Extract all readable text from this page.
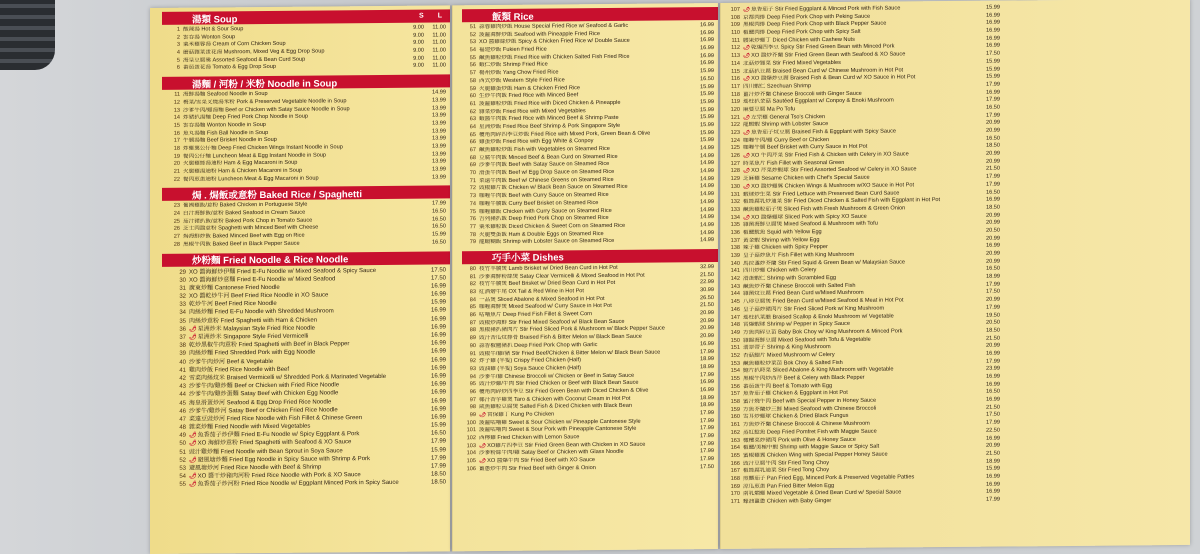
湯類 Soup	S L
1 酸辣湯 Hot & Sour Soup	9.00	11.00
2 雲吞湯 Wonton Soup	9.00	11.00
3 粟米雞蓉湯 Cream of Corn Chicken Soup	9.00	11.00
4 蘑菇雜菜蛋花湯 Mushroom, Mixed Veg & Egg Drop Soup	9.00	11.00
5 海皇豆腐羹 Assorted Seafood & Bean Curd Soup	9.00	11.00
6 番茄蛋花湯 Tomato & Egg Drop Soup	9.00	11.00
湯麵 / 河粉 / 米粉 Noodle in Soup
11 海鮮湯麵 Seafood Noodle in Soup	14.99
12 梅菜/雪菜叉燒湯米粉 Pork & Preserved Vegetable Noodle in Soup	13.99
13 沙爹牛肉/雞湯麵 Beef or Chicken with Satay Sauce Noodle in Soup	13.99
14 炸豬扒湯麵 Deep Fried Pork Chop Noodle in Soup	13.99
15 雲吞湯麵 Wonton Noodle in Soup	13.99
16 魚丸湯麵 Fish Ball Noodle in Soup	13.99
17 牛腩湯麵 Beef Brisket Noodle in Soup	13.99
18 炸雞翼公仔麵 Deep Fried Chicken Wings Instant Noodle in Soup	13.99
19 餐肉公仔麵 Luncheon Meat & Egg Instant Noodle in Soup	13.99
20 火腿雞絲湯通粉 Ham & Egg Macaroni in Soup	13.99
21 火腿雞湯通粉 Ham & Chicken Macaroni in Soup	13.99
22 餐肉煎蛋通粉 Luncheon Meat & Egg Macaroni in Soup	13.99
焗 . 焗飯或意粉 Baked Rice / Spaghetti
23 葡國雞飯/意粉 Baked Chicken in Portuguese Style	17.99
24 白汁海鮮飯/意粉 Baked Seafood in Cream Sauce	16.50
25 茄汁豬扒飯/意粉 Baked Pork Chop in Tomato Sauce	16.50
26 芝士肉醬意粉 Spaghetti with Minced Beef with Cheese	16.50
27 焗海鮮炒飯 Baked Minced Beef with Egg on Rice	15.99
28 黑椒牛肉飯 Baked Beef in Black Pepper Sauce	16.50
炒粉麵 Fried Noodle & Rice Noodle
29 XO 醬海鮮炒伊麵 Fried E-Fu Noodle w/ Mixed Seafood & Spicy Sauce	17.50
30 XO 醬海鮮炒意麵 Fried E-Fu Noodle w/ Mixed Seafood	17.50
31 廣東炒麵 Cantonese Fried Noodle	16.99
32 XO 醬乾炒牛河 Beef Fried Rice Noodle in XO Sauce	16.99
33 乾炒牛河 Beef Fried Rice Noodle	15.99
34 肉絲炒麵 Fried E-Fu Noodle with Shredded Mushroom	16.99
35 肉絲炒意粉 Fried Spaghetti with Ham & Chicken	16.99
36 🌶星洲炒米 Malaysian Style Fried Rice Noodle	16.99
37 🌶星洲炒米 Singapore Style Fried Vermicelli	16.99
38 乾炒黑椒牛肉意粉 Fried Spaghetti with Beef in Black Pepper	16.99
39 肉絲炒麵 Fried Shredded Pork with Egg Noodle	16.99
40 沙爹牛肉炒河 Beef & Vegetable	16.99
41 雞肉炒飯 Fried Rice Noodle with Beef	16.99
42 雪菜肉絲炆米 Braised Vermicelli w/ Shredded Pork & Marinated Vegetable	16.99
43 沙爹牛肉/雞炒麵 Beef or Chicken with Fried Rice Noodle	16.99
44 沙爹牛肉/雞炒蛋麵 Satay Beef with Chicken Egg Noodle	16.99
45 海皇滑蛋炒河 Seafood & Egg Drop Fried Rice Noodle	16.99
46 沙爹牛/雞炒河 Satay Beef or Chicken Fried Rice Noodle	16.99
47 菜遠豆豉炒河 Fried Rice Noodle with Fish Fillet & Chinese Green	16.99
48 雜菜炒麵 Fried Noodle with Mixed Vegetables	15.99
49 🌶魚香茄子炒伊麵 Fried E-Fu Noodle w/ Spicy Eggplant & Pork	16.50
50 🌶XO 海鮮炒意粉 Fried Spaghetti with Seafood & XO Sauce	17.99
51 豉汁雞炒麵 Fried Noodle with Bean Sprout in Soya Sauce	15.99
52 🌶避風塘炒麵 Fried Egg Noodle in Spicy Sauce with Shrimp & Pork	17.99
53 避風塘炒河 Fried Rice Noodle with Beef & Shrimp	17.99
54 🌶XO 醬干炒豬肉河粉 Fried Rice Noodle with Pork & XO Sauce	18.50
55 🌶魚香茄子炒河粉 Fried Rice Noodle w/ Eggplant Minced Pork in Spicy Sauce	18.50
飯類 Rice
51 蒜蓉雞肉炒飯 House Special Fried Rice w/ Seafood & Garlic	16.99
52 菠蘿海鮮炒飯 Seafood with Pineapple Fried Rice	16.99
53 XO 醬雞絲炒飯 Spicy & Chicken Fried Rice w/ Double Sauce	16.99
54 福建炒飯 Fukien Fried Rice	16.99
55 鹹魚雞粒炒飯 Fried Rice with Chicken Salted Fish Fried Rice	16.99
56 蝦仁炒飯 Shrimp Fried Rice	16.99
57 楊州炒飯 Yang Chow Fried Rice	15.99
58 西式炒飯 Western Style Fried Rice	16.50
59 火腿雞蛋炒飯 Ham & Chicken Fried Rice	15.99
60 生炒牛肉飯 Fried Rice with Minced Beef	15.99
61 菠蘿雞粒炒飯 Fried Rice with Diced Chicken & Pineapple	15.99
62 雜菜炒飯 Fried Rice with Mixed Vegetables	15.99
63 蝦醬牛肉飯 Fried Rice with Minced Beef & Shrimp Paste	15.99
64 星洲炒飯 Fried Rice Beef Shrimp & Pork Singapore Style	15.99
65 欖角肉碎四季豆炒飯 Fried Rice with Mixed Pork, Green Bean & Olive	15.99
66 雞蛋炒飯 Fried Rice with Egg White & Conpoy	15.99
67 鹹魚雞粒炒飯 Fish with Vegetables on Steamed Rice	14.99
68 豆腐牛肉飯 Minced Beef & Bean Curd on Steamed Rice	14.99
69 沙爹牛肉飯 Beef with Satay Sauce on Steamed Rice	14.99
70 滑蛋牛肉飯 Beef w/ Egg Drop Sauce on Steamed Rice	14.99
71 菜遠牛肉飯 Beef w/ Chinese Greens on Steamed Rice	14.99
72 豉椒雞片飯 Chicken w/ Black Bean Sauce on Steamed Rice	14.99
73 咖喱牛肉飯 Beef with Curry Sauce on Steamed Rice	14.99
74 咖喱牛腩飯 Curry Beef Brisket on Steamed Rice	14.99
75 咖喱雞飯 Chicken with Curry Sauce on Steamed Rice	14.99
76 吉列豬扒飯 Deep Fried Pork Chop on Steamed Rice	14.99
77 粟米雞粒飯 Diced Chicken & Sweet Corn on Steamed Rice	14.99
78 火腿雙蛋飯 Ham & Double Eggs on Steamed Rice	14.99
79 龍蝦糊飯 Shrimp with Lobster Sauce on Steamed Rice	14.99
巧手小菜 Dishes
80 枝竹羊腩煲 Lamb Brisket w/ Dried Bean Curd in Hot Pot	32.99
81 沙爹海鮮粉絲煲 Satay Clear Vermicelli & Mixed Seafood in Hot Pot	21.50
82 枝竹牛腩煲 Beef Brisket w/ Dried Bean Curd in Hot Pot	22.99
83 紅酒燴牛尾 OX Tail & Red Wine in Hot Pot	30.99
84 一品煲 Sliced Abalone & Mixed Seafood in Hot Pot	26.50
85 咖喱海鮮煲 Mixed Seafood w/ Curry Sauce in Hot Pot	21.50
86 咕嚕魚片 Deep Fried Fish Fillet & Sweet Corn	20.99
87 豉椒炒海鮮 Stir Fried Mixed Seafood w/ Black Bean Sauce	20.99
88 黑椒豬扒豬肉片 Stir Fried Sliced Pork & Mushroom w/ Black Pepper Sauce	20.99
89 豉汁苦瓜炆排骨 Braised Fish & Bitter Melon w/ Black Bean Sauce	20.99
90 蒜香椒鹽豬扒 Deep Fried Pork Chop with Garlic	16.99
91 豉椒牛/雞/豬 Stir Fried Beef/Chicken & Bitter Melon w/ Black Bean Sauce	17.99
92 炸子雞 (半隻) Crispy Fried Chicken (Half)	18.99
93 豉油雞 (半隻) Soya Sauce Chicken (Half)	18.99
94 沙爹牛/雞 Chinese Broccoli w/ Chicken or Beef in Satay Sauce	17.99
95 豉汁炒雞/牛肉 Stir Fried Chicken or Beef with Black Bean Sauce	16.99
96 欖角肉碎炒四季豆 Stir Fried Green Bean with Diced Chicken & Olive	16.99
97 椰汁香芋雞煲 Taro & Chicken with Coconut Cream in Hot Pot	18.99
98 咸魚雞粒豆腐煲 Salted Fish & Diced Chicken with Black Bean	18.99
99 🌶宮保雞丁 Kung Po Chicken	17.99
100 菠蘿咕嚕雞 Sweet & Sour Chicken w/ Pineapple Cantonese Style	17.99
101 菠蘿咕嚕肉 Sweet & Sour Pork with Pineapple Cantonese Style	17.99
102 西檸雞 Fried Chicken with Lemon Sauce	17.99
103 🌶XO雞片四季豆 Stir Fried Green Bean with Chicken in XO Sauce	17.99
104 沙爹粉絲牛肉/雞 Satay Beef or Chicken with Glass Noodle	17.99
105 🌶XO 醬爆牛肉 Stir Fried Beef with XO Sauce	17.99
106 薑蔥炒牛肉 Stir Fried Beef with Ginger & Onion	17.50
107 🌶魚香茄子 Stir Fried Eggplant & Minced Pork with Fish Sauce	15.99
108 京都肉排 Deep Fried Pork Chop with Peking Sauce	16.99
109 黑椒肉排 Deep Fried Pork Chop with Black Pepper Sauce	16.99
110 椒鹽肉排 Deep Fried Pork Chop with Spicy Salt	16.99
111 腰果炒雞丁 Diced Chicken with Cashew Nuts	16.99
112 🌶乾煸四季豆 Spicy Stir Fried Green Bean with Minced Pork	16.99
113 🌶XO 醬炒芥蘭 Stir Fried Green Bean with Seafood & XO Sauce	17.50
114 北菇炒雜菜 Stir Fried Mixed Vegetables	15.99
115 北菇扒豆腐 Braised Bean Curd w/ Chinese Mushroom in Hot Pot	15.99
116 🌶XO 醬爆炒豆腐 Braised Fish & Bean Curd w/ XO Sauce in Hot Pot	15.99
117 四川蝦仁 Szechuan Shrimp	17.99
118 薑汁炒芥蘭 Chinese Broccoli with Ginger Sauce	16.99
119 瑤柱扒金菇 Sautéed Eggplant w/ Conpoy & Enoki Mushroom	17.99
120 麻婆豆腐 Ma Po Tofu	16.50
121 🌶左宗雞 General Tso's Chicken	17.99
122 龍蝦蝦 Shrimp with Lobster Sauce	20.99
123 🌶魚香茄子炆豆腐 Braised Fish & Eggplant with Spicy Sauce	20.99
124 咖喱牛肉/雞 Curry Beef or Chicken	16.50
125 咖喱牛腩 Beef Brisket with Curry Sauce in Hot Pot	18.50
126 🌶XO 牛肉芹菜 Stir Fried Fish & Chicken with Celery in XO Sauce	20.99
127 時菜魚片 Fish Fillet with Seasonal Green	20.99
128 🌶XO 芹菜炒蝦球 Stir Fried Assorted Seafood w/ Celery in XO Sauce	21.50
129 芝麻雞 Sesame Chicken with Chef's Special Sauce	17.99
130 🌶XO 醬炒雞翼 Chicken Wings & Mushroom w/XO Sauce in Hot Pot	17.99
131 蝦球炒生菜 Stir Fried Lettuce with Preserved Bean Curd Sauce	16.50
132 椒絲腐乳炒通菜 Stir Fried Diced Chicken & Salted Fish with Eggplant in Hot Pot	16.99
133 鹹魚雞粒茄子煲 Sliced Fish with Fresh Mushroom & Green Onion	18.50
134 🌶XO 醬爆雞球 Sliced Pork with Spicy XO Sauce	20.99
135 雜菌海鮮豆腐煲 Mixed Seafood & Mushroom with Tofu	20.99
136 椒鹽魷魚 Squid with Yellow Egg	20.50
137 黃金蝦 Shrimp with Yellow Egg	20.99
138 辣子雞 Chicken with Spicy Pepper	16.99
139 皇子菇炒魚片 Fish Fillet with King Mushroom	20.99
140 馬拉盞炒芥蘭 Stir Fried Squid & Green Bean w/ Malaysian Sauce	20.99
141 四川炒雞 Chicken with Celery	16.50
142 滑蛋蝦仁 Shrimp with Scrambled Egg	18.99
143 鹹魚炒芥蘭 Chinese Broccoli with Salted Fish	17.99
144 雜菌炆豆腐 Fried Bean Curd w/Mixed Mushroom	17.50
145 八珍豆腐煲 Fried Bean Curd w/Mixed Seafood & Meat in Hot Pot	20.99
146 皇子菇炒豬肉片 Stir Fried Sliced Pork w/ King Mushroom	17.99
147 瑤柱扒菜膽 Braised Scallop & Enoki Mushroom w/ Vegetable	19.50
148 宮爆蝦球 Shrimp w/ Pepper in Spicy Sauce	20.50
149 方魚肉碎豆苗 Baby Bok Choy w/ King Mushroom & Minced Pork	18.50
150 雜錦海鮮豆腐 Mixed Seafood with Tofu & Vegetable	21.50
151 翡翠帶子 Shrimp & King Mushroom	20.99
152 杏菇鮑片 Mixed Mushroom w/ Celery	16.99
153 鹹魚雞粒炒菜苗 Bok Choy & Salted Fish	17.99
154 鮑片扒時菜 Sliced Abalone & King Mushroom with Vegetable	23.99
155 黑椒牛肉炒西芹 Beef & Celery with Black Pepper	16.99
156 番茄蛋牛肉 Beef & Tomato with Egg	16.99
157 魚香茄子雞 Chicken & Eggplant in Hot Pot	16.50
158 蜜汁燒牛肉 Beef with Special Pepper in Honey Sauce	16.99
159 方魚芥蘭炒三鮮 Mixed Seafood with Chinese Broccoli	21.50
160 雪耳炒雞球 Chicken & Dried Black Fungus	17.50
161 方魚炒芥蘭 Chinese Broccoli & Chinese Mushroom	17.99
162 蒸紅鯰魚 Deep Fried Pomfret Fish with Maggie Sauce	22.50
163 橄欖菜炒豬肉 Pork with Olive & Honey Sauce	16.99
164 椒鹽/美極中蝦 Shrimp with Maggie Sauce or Spicy Salt	20.99
165 蜜椒雞翼 Chicken Wing with Special Pepper Honey Sauce	21.50
166 豉汁豆腐牛肉 Stir Fried Tong Choy	18.99
167 椒絲腐乳通菜 Stir Fried Tong Choy	15.99
168 煎釀茄子 Pan Fried Egg, Minced Pork & Preserved Vegetable Patties	16.99
169 涼瓜煎蛋 Pan Fried Bitter Melon Egg	16.99
170 南乳燜雞 Mixed Vegetable & Dried Bean Curd w/ Special Sauce	16.99
171 蠔油薑蔥 Chicken with Baby Ginger	17.99
